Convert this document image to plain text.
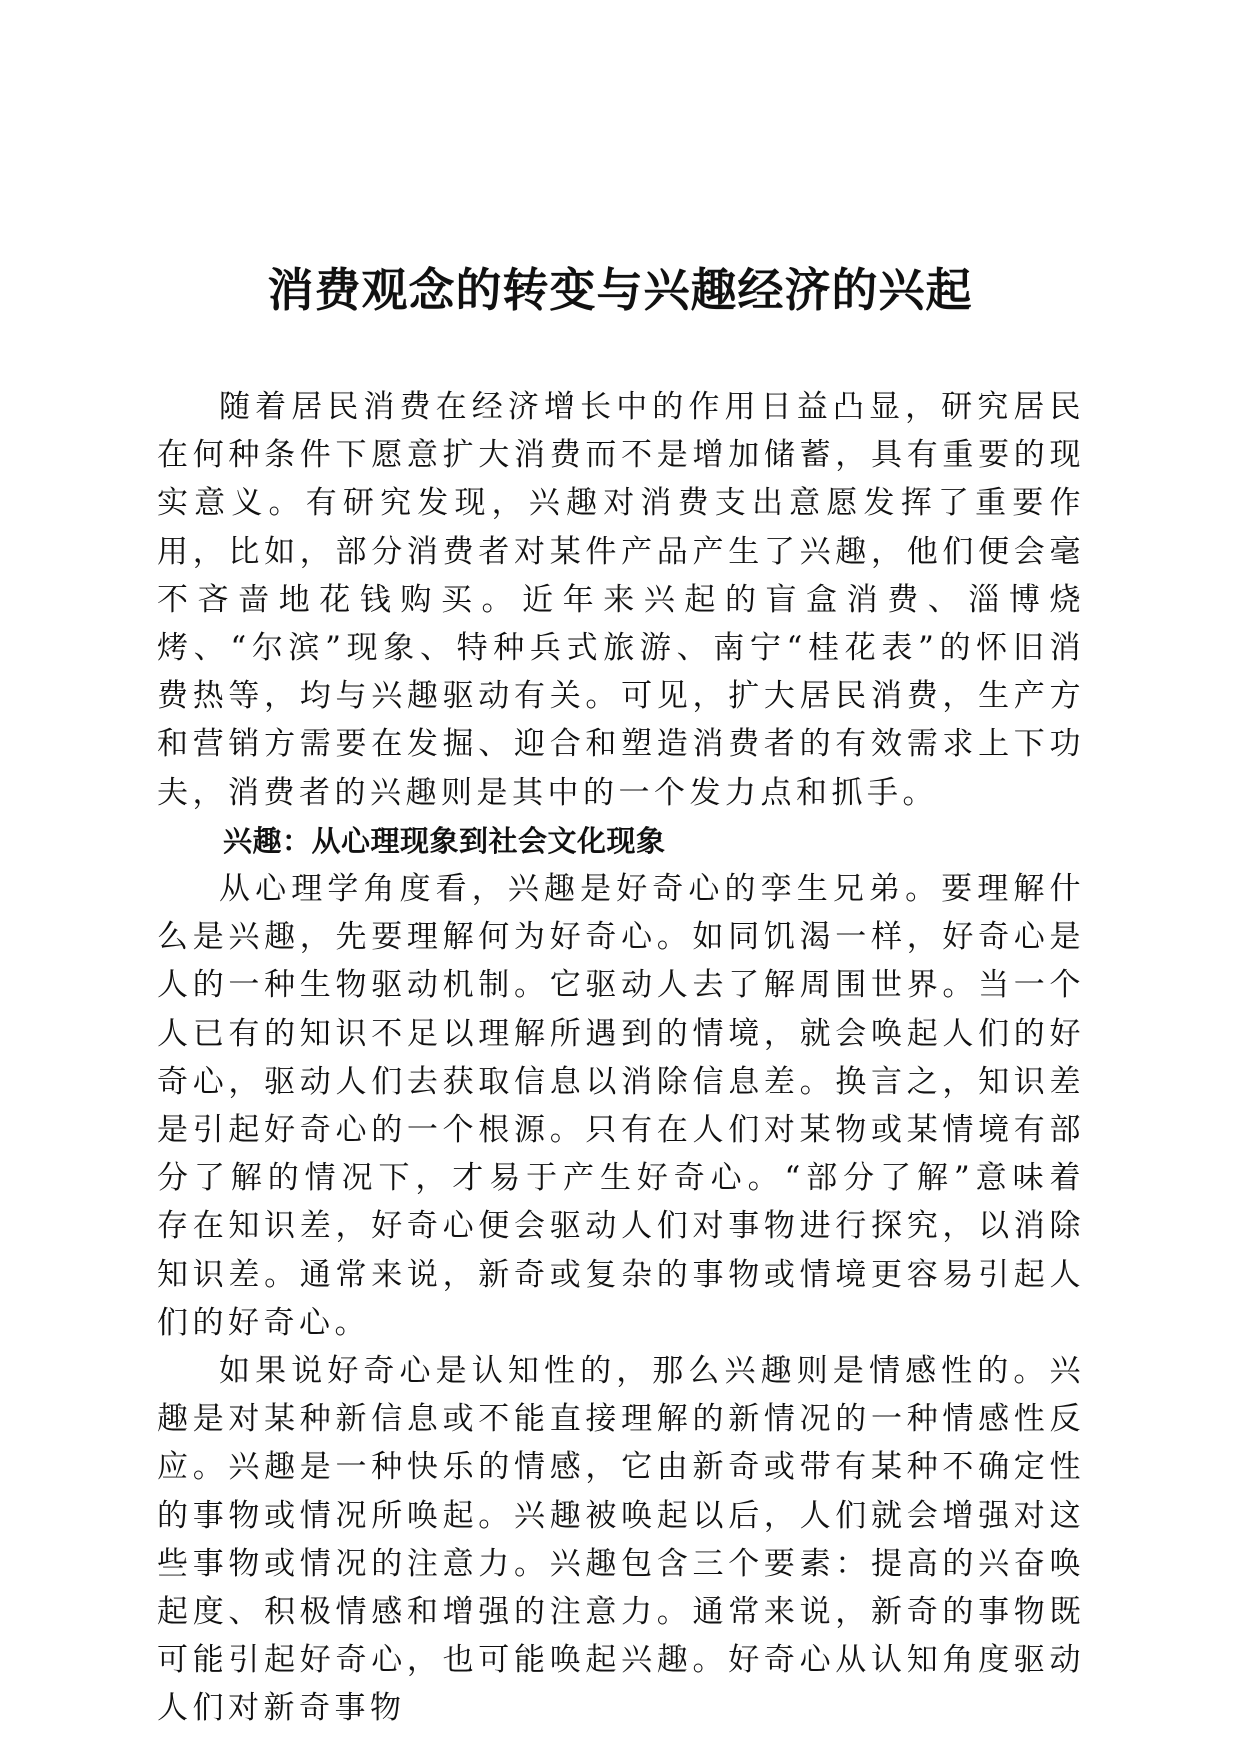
消费观念的转变与兴趣经济的兴起

随着居民消费在经济增长中的作用日益凸显，研究居民在何种条件下愿意扩大消费而不是增加储蓄，具有重要的现实意义。有研究发现，兴趣对消费支出意愿发挥了重要作用，比如，部分消费者对某件产品产生了兴趣，他们便会毫不吝啬地花钱购买。近年来兴起的盲盒消费、淄博烧烤、“尔滨”现象、特种兵式旅游、南宁“桂花表”的怀旧消费热等，均与兴趣驱动有关。可见，扩大居民消费，生产方和营销方需要在发掘、迎合和塑造消费者的有效需求上下功夫，消费者的兴趣则是其中的一个发力点和抓手。

兴趣：从心理现象到社会文化现象

从心理学角度看，兴趣是好奇心的孪生兄弟。要理解什么是兴趣，先要理解何为好奇心。如同饥渴一样，好奇心是人的一种生物驱动机制。它驱动人去了解周围世界。当一个人已有的知识不足以理解所遇到的情境，就会唤起人们的好奇心，驱动人们去获取信息以消除信息差。换言之，知识差是引起好奇心的一个根源。只有在人们对某物或某情境有部分了解的情况下，才易于产生好奇心。“部分了解”意味着存在知识差，好奇心便会驱动人们对事物进行探究，以消除知识差。通常来说，新奇或复杂的事物或情境更容易引起人们的好奇心。

如果说好奇心是认知性的，那么兴趣则是情感性的。兴趣是对某种新信息或不能直接理解的新情况的一种情感性反应。兴趣是一种快乐的情感，它由新奇或带有某种不确定性的事物或情况所唤起。兴趣被唤起以后，人们就会增强对这些事物或情况的注意力。兴趣包含三个要素：提高的兴奋唤起度、积极情感和增强的注意力。通常来说，新奇的事物既可能引起好奇心，也可能唤起兴趣。好奇心从认知角度驱动人们对新奇事物
